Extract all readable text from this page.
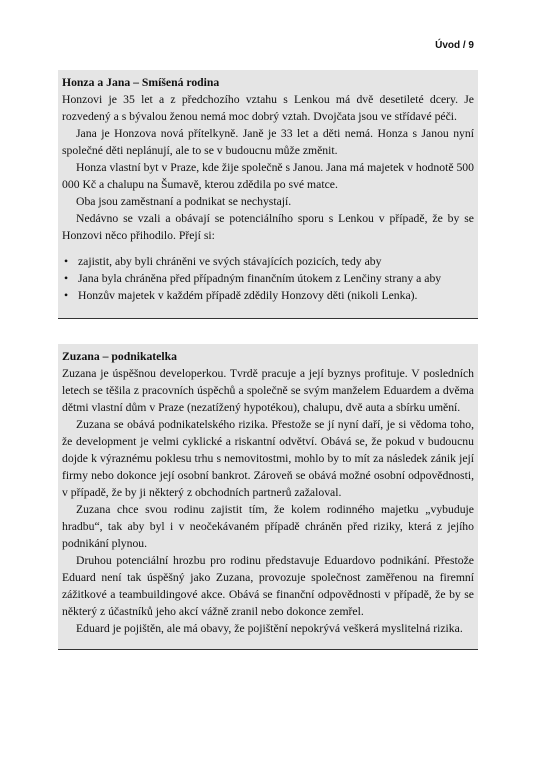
Úvod / 9
Honza a Jana – Smíšená rodina

Honzovi je 35 let a z předchozího vztahu s Lenkou má dvě desetileté dcery. Je rozvedený a s bývalou ženou nemá moc dobrý vztah. Dvojčata jsou ve střídavé péči.

Jana je Honzova nová přítelkyně. Janě je 33 let a děti nemá. Honza s Janou nyní společné děti neplánují, ale to se v budoucnu může změnit.

Honza vlastní byt v Praze, kde žije společně s Janou. Jana má majetek v hodnotě 500 000 Kč a chalupu na Šumavě, kterou zdědila po své matce.

Oba jsou zaměstnaní a podnikat se nechystají.

Nedávno se vzali a obávají se potenciálního sporu s Lenkou v případě, že by se Honzovi něco přihodilo. Přejí si:

• zajistit, aby byli chráněni ve svých stávajících pozicích, tedy aby
• Jana byla chráněna před případným finančním útokem z Lenčiny strany a aby
• Honzův majetek v každém případě zdědily Honzovy děti (nikoli Lenka).
Zuzana – podnikatelka

Zuzana je úspěšnou developerkou. Tvrdě pracuje a její byznys profituje. V posledních letech se těšila z pracovních úspěchů a společně se svým manželem Eduardem a dvěma dětmi vlastní dům v Praze (nezatížený hypotékou), chalupu, dvě auta a sbírku umění.

Zuzana se obává podnikatelského rizika. Přestože se jí nyní daří, je si vědoma toho, že development je velmi cyklické a riskantní odvětví. Obává se, že pokud v budoucnu dojde k výraznému poklesu trhu s nemovitostmi, mohlo by to mít za následek zánik její firmy nebo dokonce její osobní bankrot. Zároveň se obává možné osobní odpovědnosti, v případě, že by ji některý z obchodních partnerů zažaloval.

Zuzana chce svou rodinu zajistit tím, že kolem rodinného majetku „vybuduje hradbu“, tak aby byl i v neočekávaném případě chráněn před riziky, která z jejího podnikání plynou.

Druhou potenciální hrozbu pro rodinu představuje Eduardovo podnikání. Přestože Eduard není tak úspěšný jako Zuzana, provozuje společnost zaměřenou na firemní zážitkové a teambuildingové akce. Obává se finanční odpovědnosti v případě, že by se některý z účastníků jeho akcí vážně zranil nebo dokonce zemřel.

Eduard je pojištěn, ale má obavy, že pojištění nepokrývá veškerá myslitelná rizika.
